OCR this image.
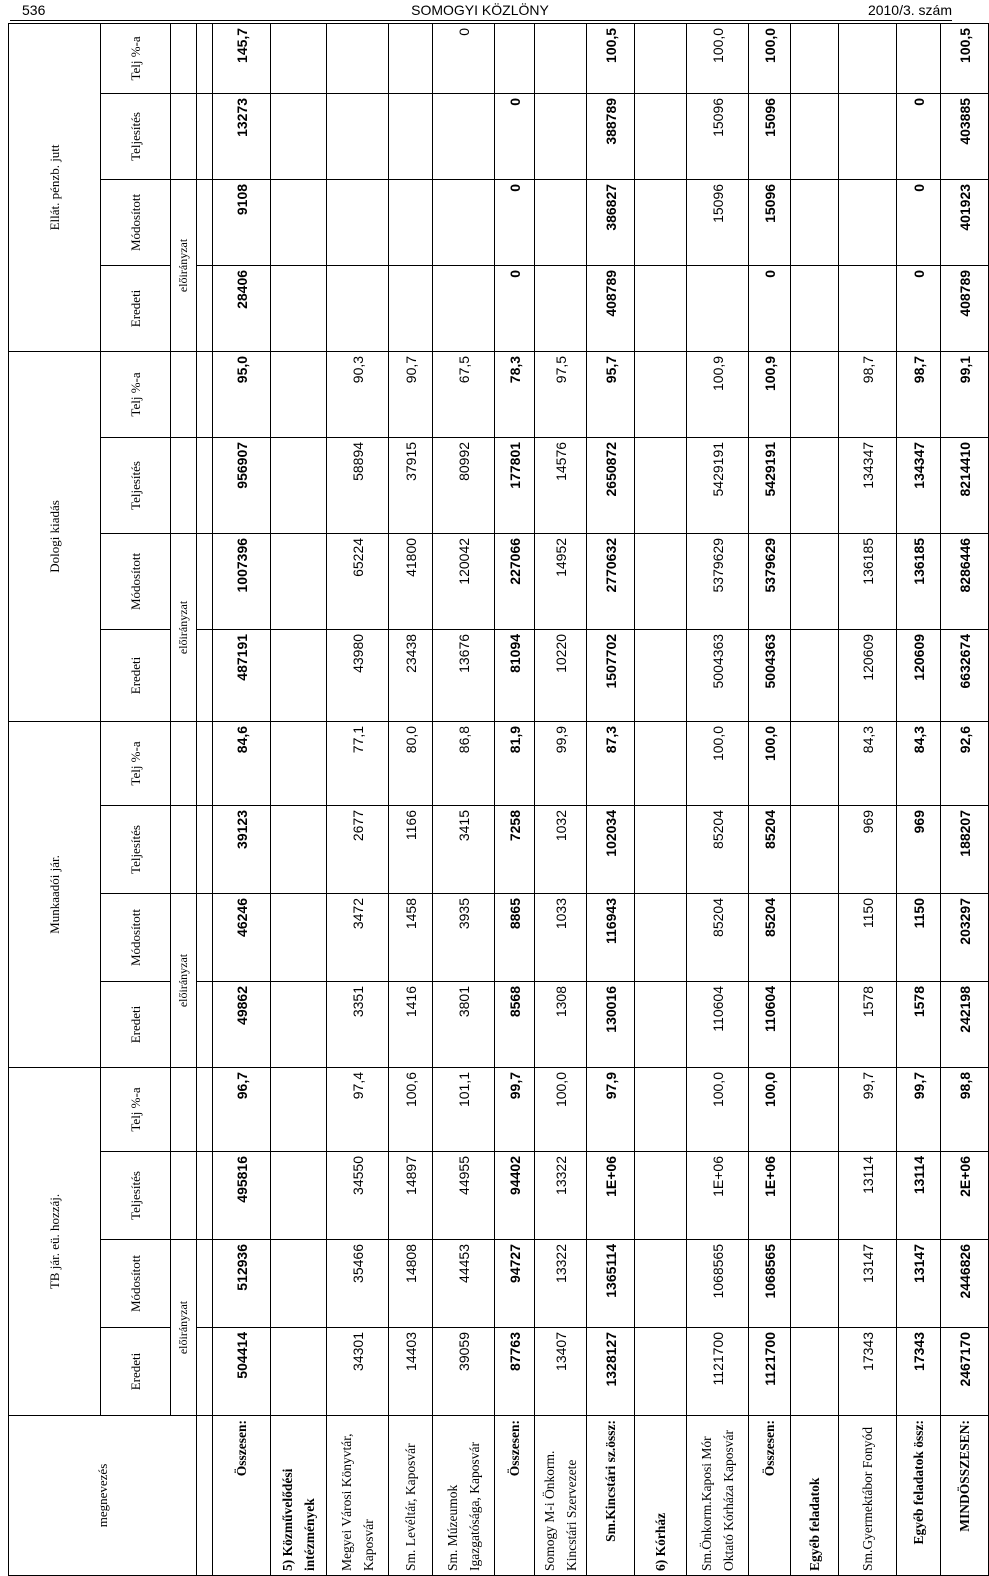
536	SOMOGYI KÖZLÖNY	2010/3. szám
megnevezés	TB jár. eü. hozzáj.				Munkaadói jár.				Dologi kiadás				Ellát. pénzb. jutt			
	Eredeti	Módosított	Teljesítés	Telj %-a	Eredeti	Módosított	Teljesítés	Telj %-a	Eredeti	Módosított	Teljesítés	Telj %-a	Eredeti	Módosított	Teljesítés	Telj %-a
	előirányzat				előirányzat				előirányzat				előirányzat			

Összesen:	504414	512936	495816	96,7	49862	46246	39123	84,6	487191	1007396	956907	95,0	28406	9108	13273	145,7
5) Közművelődési intézmények																
Megyei Városi Könyvtár, Kaposvár	34301	35466	34550	97,4	3351	3472	2677	77,1	43980	65224	58894	90,3				
Sm. Levéltár, Kaposvár	14403	14808	14897	100,6	1416	1458	1166	80,0	23438	41800	37915	90,7				
Sm. Múzeumok Igazgatósága, Kaposvár	39059	44453	44955	101,1	3801	3935	3415	86,8	13676	120042	80992	67,5				0
Összesen:	87763	94727	94402	99,7	8568	8865	7258	81,9	81094	227066	177801	78,3	0	0	0	
Somogy M-i Önkorm. Kincstári Szervezete	13407	13322	13322	100,0	1308	1033	1032	99,9	10220	14952	14576	97,5				
Sm.Kincstári sz.össz:	1328127	1365114	1E+06	97,9	130016	116943	102034	87,3	1507702	2770632	2650872	95,7	408789	386827	388789	100,5
6) Kórház																
Sm.Önkorm.Kaposi Mór Oktató Kórháza Kaposvár	1121700	1068565	1E+06	100,0	110604	85204	85204	100,0	5004363	5379629	5429191	100,9		15096	15096	100,0
Összesen:	1121700	1068565	1E+06	100,0	110604	85204	85204	100,0	5004363	5379629	5429191	100,9	0	15096	15096	100,0
Egyéb feladatok																
Sm.Gyermektábor Fonyód	17343	13147	13114	99,7	1578	1150	969	84,3	120609	136185	134347	98,7				
Egyéb feladatok össz:	17343	13147	13114	99,7	1578	1150	969	84,3	120609	136185	134347	98,7	0	0	0	
MINDÖSSZESEN:	2467170	2446826	2E+06	98,8	242198	203297	188207	92,6	6632674	8286446	8214410	99,1	408789	401923	403885	100,5
